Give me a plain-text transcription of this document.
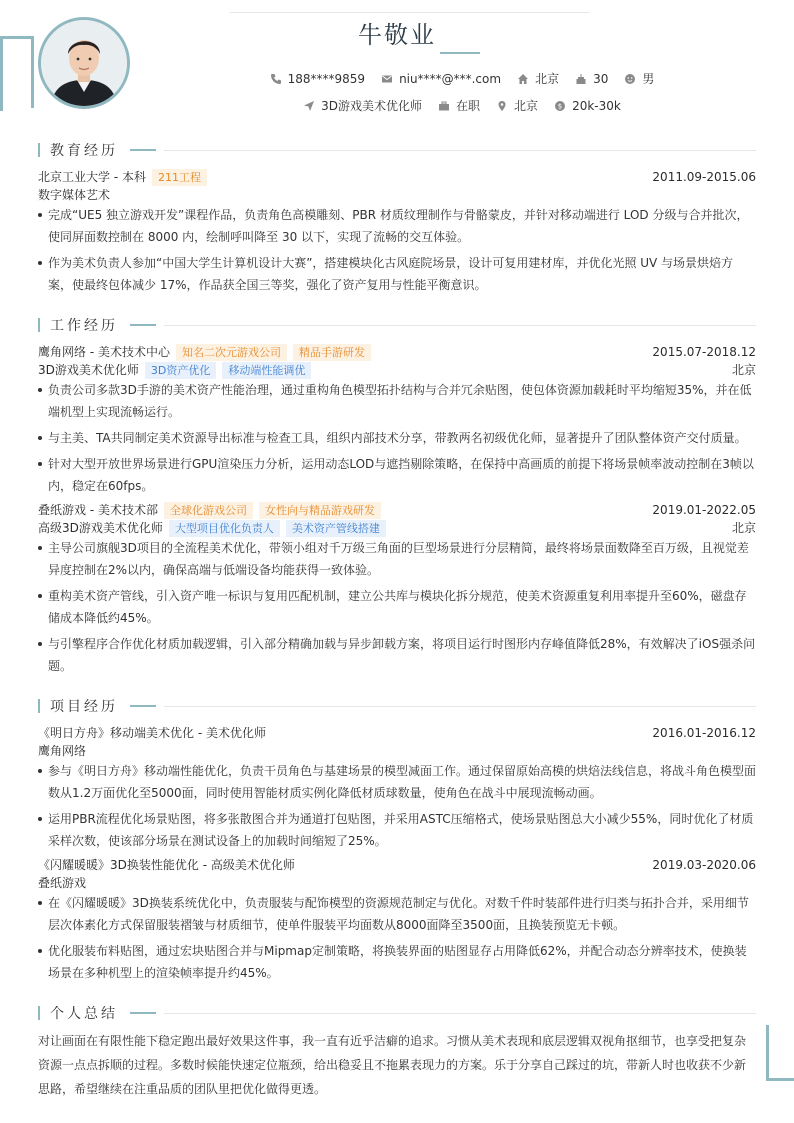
牛敬业
188****9859	niu****@***.com	北京	30	男
3D游戏美术优化师	在职	北京	$ 20k-30k
教育经历
北京工业大学 - 本科	211工程	2011.09-2015.06
数字媒体艺术
完成“UE5 独立游戏开发”课程作品，负责角色高模雕刻、PBR 材质纹理制作与骨骼蒙皮，并针对移动端进行 LOD 分级与合并批次，使同屏面数控制在 8000 内，绘制呼叫降至 30 以下，实现了流畅的交互体验。
作为美术负责人参加“中国大学生计算机设计大赛”，搭建模块化古风庭院场景，设计可复用建材库，并优化光照 UV 与场景烘焙方案，使最终包体减少 17%，作品获全国三等奖，强化了资产复用与性能平衡意识。
工作经历
鹰角网络 - 美术技术中心	知名二次元游戏公司	精品手游研发	2015.07-2018.12
3D游戏美术优化师	3D资产优化	移动端性能调优	北京
负责公司多款3D手游的美术资产性能治理，通过重构角色模型拓扑结构与合并冗余贴图，使包体资源加载耗时平均缩短35%，并在低端机型上实现流畅运行。
与主美、TA共同制定美术资源导出标准与检查工具，组织内部技术分享，带教两名初级优化师，显著提升了团队整体资产交付质量。
针对大型开放世界场景进行GPU渲染压力分析，运用动态LOD与遮挡剔除策略，在保持中高画质的前提下将场景帧率波动控制在3帧以内，稳定在60fps。
叠纸游戏 - 美术技术部	全球化游戏公司	女性向与精品游戏研发	2019.01-2022.05
高级3D游戏美术优化师	大型项目优化负责人	美术资产管线搭建	北京
主导公司旗舰3D项目的全流程美术优化，带领小组对千万级三角面的巨型场景进行分层精简，最终将场景面数降至百万级，且视觉差异度控制在2%以内，确保高端与低端设备均能获得一致体验。
重构美术资产管线，引入资产唯一标识与复用匹配机制，建立公共库与模块化拆分规范，使美术资源重复利用率提升至60%，磁盘存储成本降低约45%。
与引擎程序合作优化材质加载逻辑，引入部分精确加载与异步卸载方案，将项目运行时图形内存峰值降低28%，有效解决了iOS强杀问题。
项目经历
《明日方舟》移动端美术优化 - 美术优化师	2016.01-2016.12
鹰角网络
参与《明日方舟》移动端性能优化，负责干员角色与基建场景的模型减面工作。通过保留原始高模的烘焙法线信息，将战斗角色模型面数从1.2万面优化至5000面，同时使用智能材质实例化降低材质球数量，使角色在战斗中展现流畅动画。
运用PBR流程优化场景贴图，将多张散图合并为通道打包贴图，并采用ASTC压缩格式，使场景贴图总大小减少55%，同时优化了材质采样次数，使该部分场景在测试设备上的加载时间缩短了25%。
《闪耀暖暖》3D换装性能优化 - 高级美术优化师	2019.03-2020.06
叠纸游戏
在《闪耀暖暖》3D换装系统优化中，负责服装与配饰模型的资源规范制定与优化。对数千件时装部件进行归类与拓扑合并，采用细节层次体素化方式保留服装褶皱与材质细节，使单件服装平均面数从8000面降至3500面，且换装预览无卡顿。
优化服装布料贴图，通过宏块贴图合并与Mipmap定制策略，将换装界面的贴图显存占用降低62%，并配合动态分辨率技术，使换装场景在多种机型上的渲染帧率提升约45%。
个人总结
对让画面在有限性能下稳定跑出最好效果这件事，我一直有近乎洁癖的追求。习惯从美术表现和底层逻辑双视角抠细节，也享受把复杂资源一点点拆顺的过程。多数时候能快速定位瓶颈，给出稳妥且不拖累表现力的方案。乐于分享自己踩过的坑，带新人时也收获不少新思路，希望继续在注重品质的团队里把优化做得更透。
